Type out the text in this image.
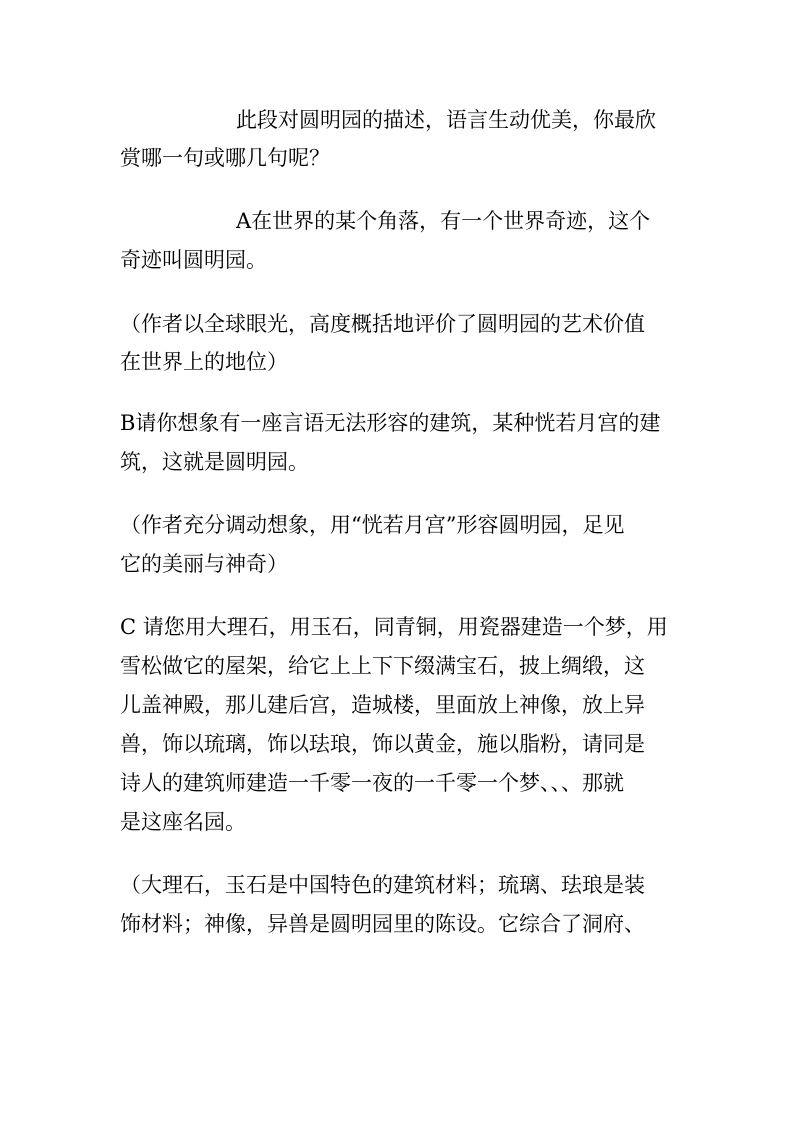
此段对圆明园的描述，语言生动优美，你最欣
赏哪一句或哪几句呢？
A在世界的某个角落，有一个世界奇迹，这个
奇迹叫圆明园。
（作者以全球眼光，高度概括地评价了圆明园的艺术价值
在世界上的地位）
B请你想象有一座言语无法形容的建筑，某种恍若月宫的建
筑，这就是圆明园。
（作者充分调动想象，用“恍若月宫”形容圆明园，足见
它的美丽与神奇）
C 请您用大理石，用玉石，同青铜，用瓷器建造一个梦，用
雪松做它的屋架，给它上上下下缀满宝石，披上绸缎，这
儿盖神殿，那儿建后宫，造城楼，里面放上神像，放上异
兽，饰以琉璃，饰以珐琅，饰以黄金，施以脂粉，请同是
诗人的建筑师建造一千零一夜的一千零一个梦、、、那就
是这座名园。
（大理石，玉石是中国特色的建筑材料；琉璃、珐琅是装
饰材料；神像，异兽是圆明园里的陈设。它综合了洞府、
